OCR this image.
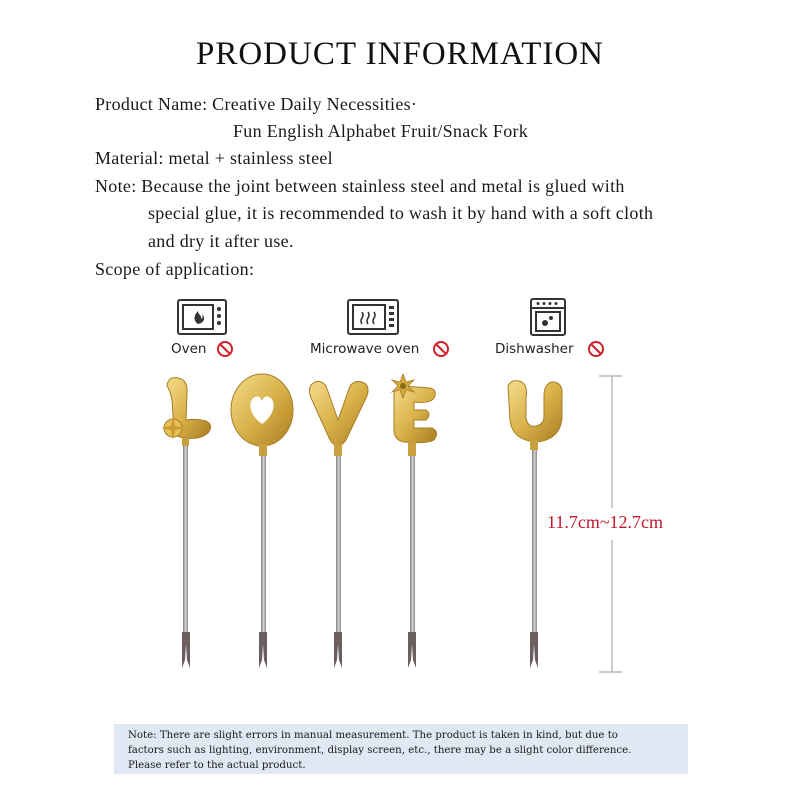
PRODUCT INFORMATION
Product Name: Creative Daily Necessities·
Fun English Alphabet Fruit/Snack Fork
Material: metal + stainless steel
Note: Because the joint between stainless steel and metal is glued with
special glue, it is recommended to wash it by hand with a soft cloth
and dry it after use.
Scope of application:
Oven	Microwave oven	Dishwasher
11.7cm~12.7cm
Note: There are slight errors in manual measurement. The product is taken in kind, but due to
factors such as lighting, environment, display screen, etc., there may be a slight color difference.
Please refer to the actual product.
